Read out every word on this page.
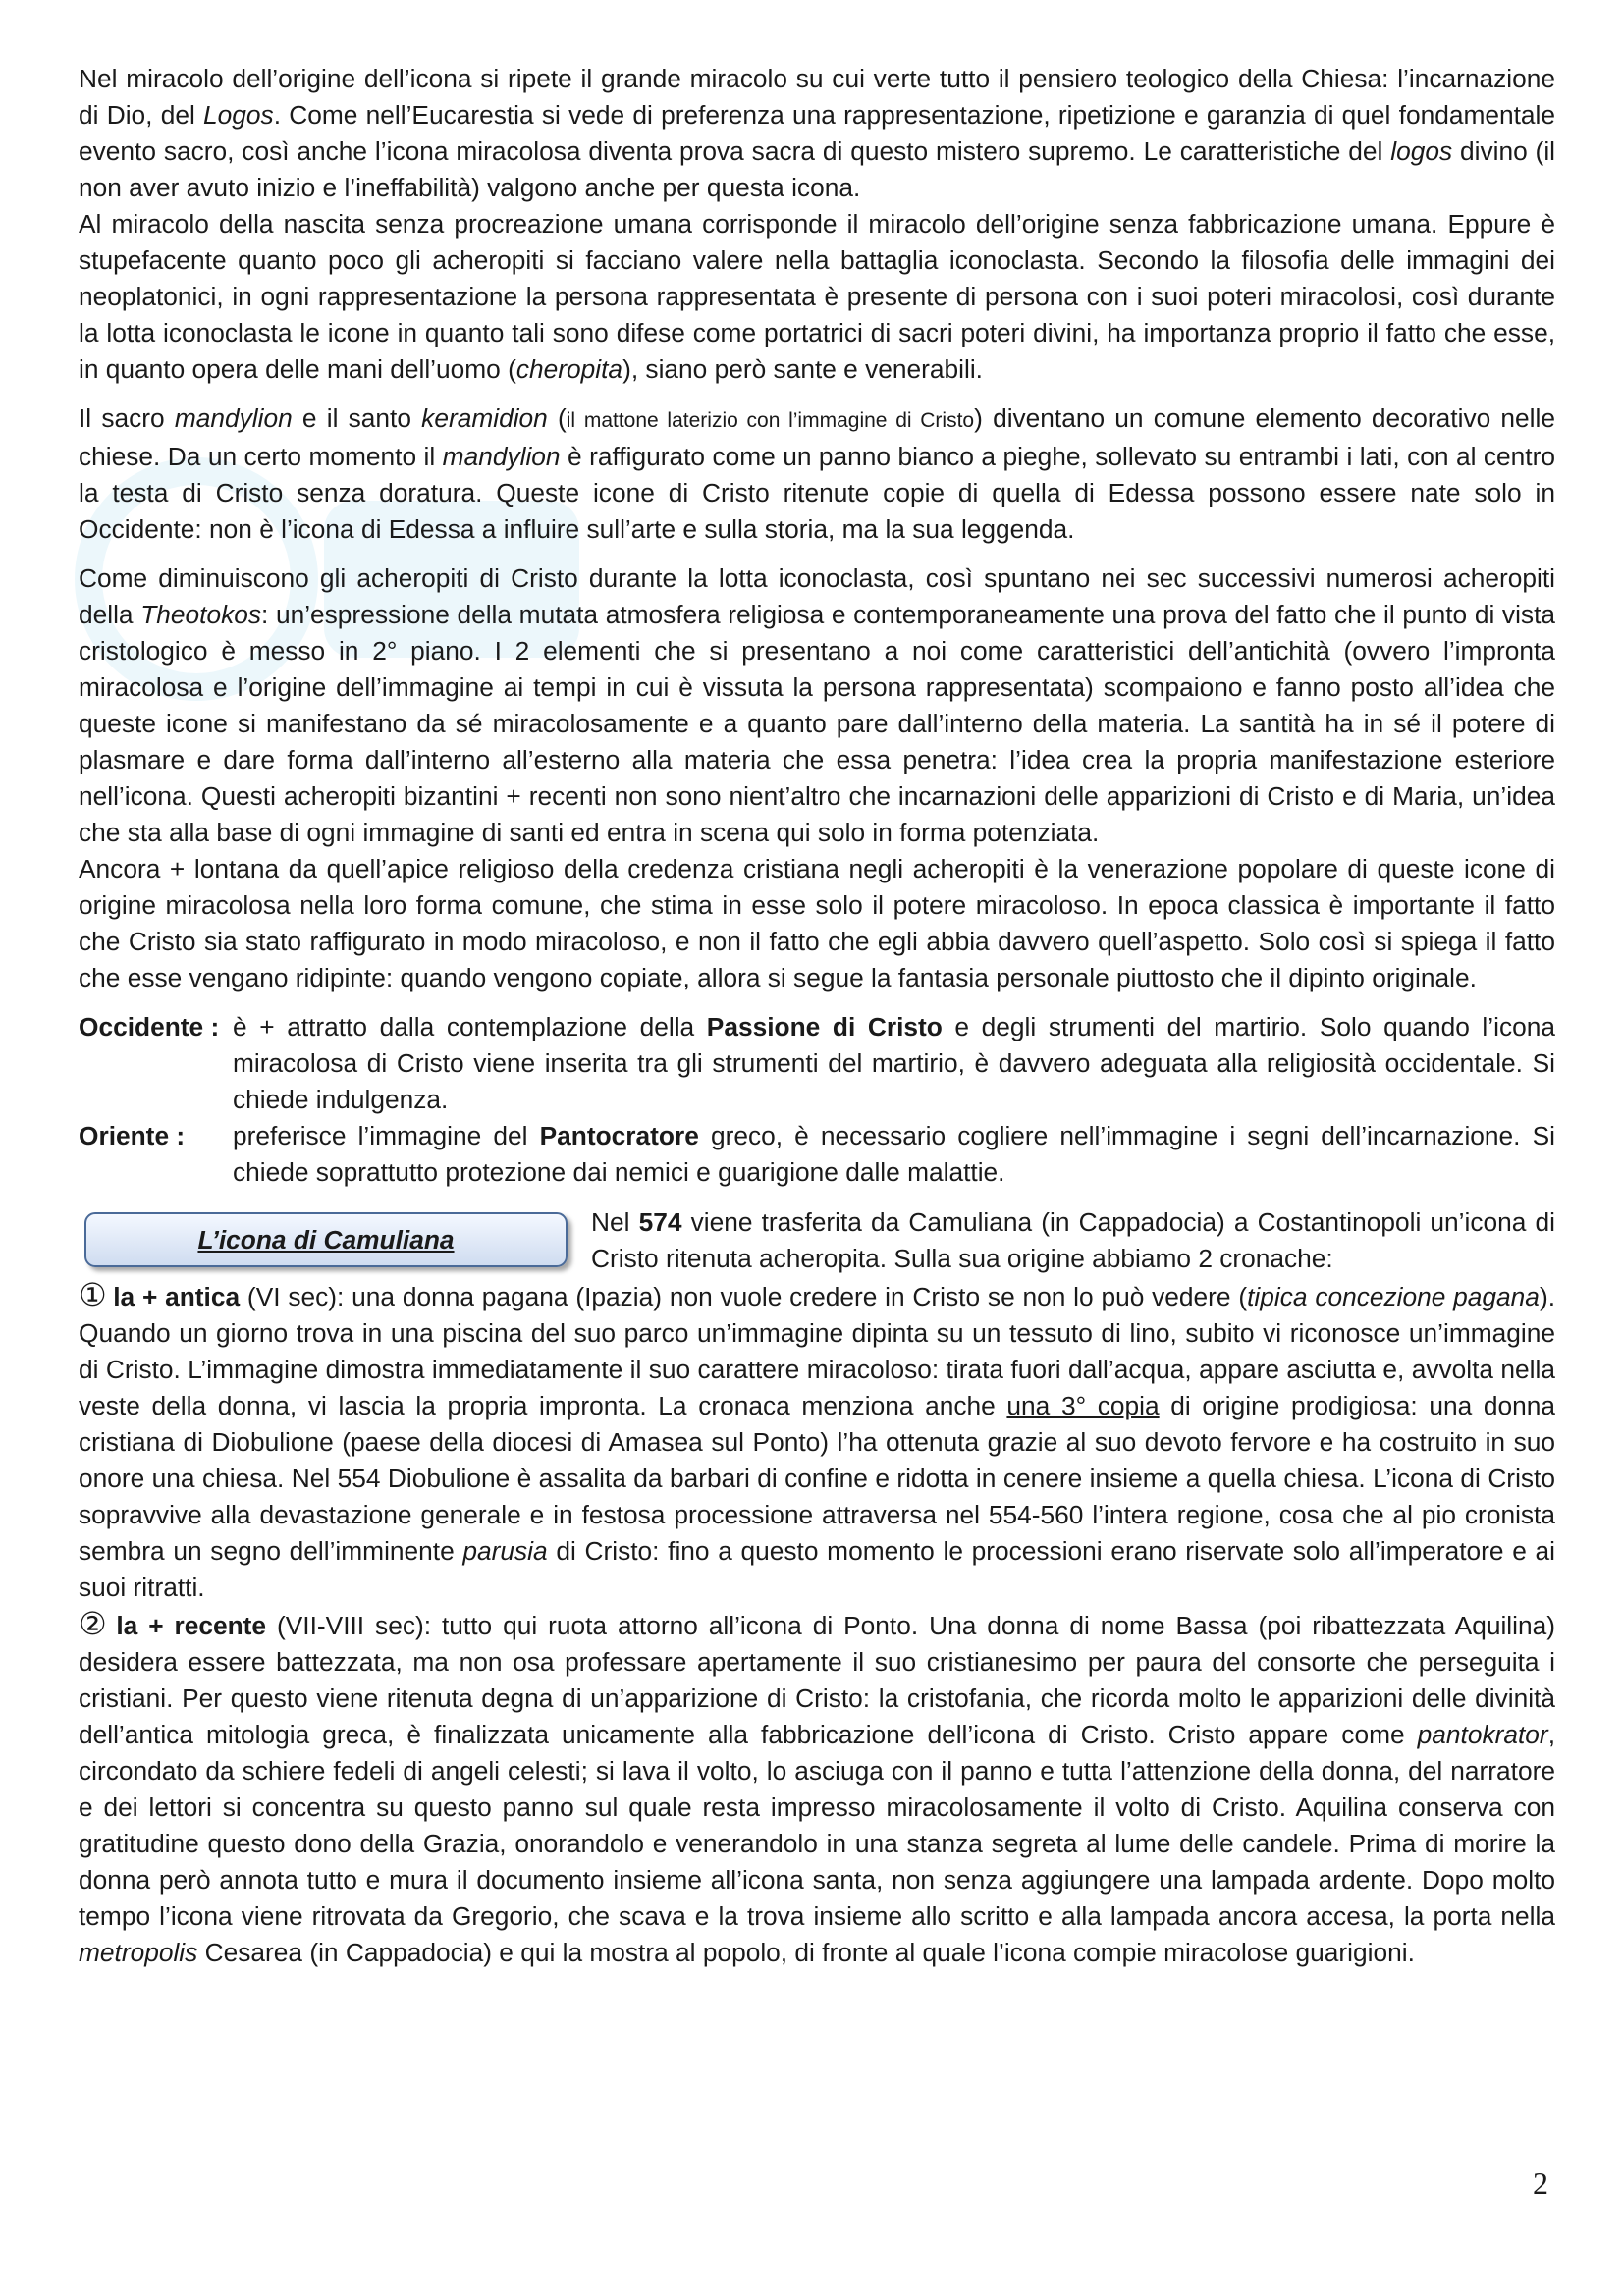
Nel miracolo dell’origine dell’icona si ripete il grande miracolo su cui verte tutto il pensiero teologico della Chiesa: l’incarnazione di Dio, del Logos. Come nell’Eucarestia si vede di preferenza una rappresentazione, ripetizione e garanzia di quel fondamentale evento sacro, così anche l’icona miracolosa diventa prova sacra di questo mistero supremo. Le caratteristiche del logos divino (il non aver avuto inizio e l’ineffabilità) valgono anche per questa icona.

Al miracolo della nascita senza procreazione umana corrisponde il miracolo dell’origine senza fabbricazione umana. Eppure è stupefacente quanto poco gli acheropiti si facciano valere nella battaglia iconoclasta. Secondo la filosofia delle immagini dei neoplatonici, in ogni rappresentazione la persona rappresentata è presente di persona con i suoi poteri miracolosi, così durante la lotta iconoclasta le icone in quanto tali sono difese come portatrici di sacri poteri divini, ha importanza proprio il fatto che esse, in quanto opera delle mani dell’uomo (cheropita), siano però sante e venerabili.

Il sacro mandylion e il santo keramidion (il mattone laterizio con l’immagine di Cristo) diventano un comune elemento decorativo nelle chiese. Da un certo momento il mandylion è raffigurato come un panno bianco a pieghe, sollevato su entrambi i lati, con al centro la testa di Cristo senza doratura. Queste icone di Cristo ritenute copie di quella di Edessa possono essere nate solo in Occidente: non è l’icona di Edessa a influire sull’arte e sulla storia, ma la sua leggenda.

Come diminuiscono gli acheropiti di Cristo durante la lotta iconoclasta, così spuntano nei sec successivi numerosi acheropiti della Theotokos: un’espressione della mutata atmosfera religiosa e contemporaneamente una prova del fatto che il punto di vista cristologico è messo in 2° piano. I 2 elementi che si presentano a noi come caratteristici dell’antichità (ovvero l’impronta miracolosa e l’origine dell’immagine ai tempi in cui è vissuta la persona rappresentata) scompaiono e fanno posto all’idea che queste icone si manifestano da sé miracolosamente e a quanto pare dall’interno della materia. La santità ha in sé il potere di plasmare e dare forma dall’interno all’esterno alla materia che essa penetra: l’idea crea la propria manifestazione esteriore nell’icona. Questi acheropiti bizantini + recenti non sono nient’altro che incarnazioni delle apparizioni di Cristo e di Maria, un’idea che sta alla base di ogni immagine di santi ed entra in scena qui solo in forma potenziata.

Ancora + lontana da quell’apice religioso della credenza cristiana negli acheropiti è la venerazione popolare di queste icone di origine miracolosa nella loro forma comune, che stima in esse solo il potere miracoloso. In epoca classica è importante il fatto che Cristo sia stato raffigurato in modo miracoloso, e non il fatto che egli abbia davvero quell’aspetto. Solo così si spiega il fatto che esse vengano ridipinte: quando vengono copiate, allora si segue la fantasia personale piuttosto che il dipinto originale.

Occidente : è + attratto dalla contemplazione della Passione di Cristo e degli strumenti del martirio. Solo quando l’icona miracolosa di Cristo viene inserita tra gli strumenti del martirio, è davvero adeguata alla religiosità occidentale. Si chiede indulgenza.
Oriente :	preferisce l’immagine del Pantocratore greco, è necessario cogliere nell’immagine i segni dell’incarnazione. Si chiede soprattutto protezione dai nemici e guarigione dalle malattie.
L’icona di Camuliana

Nel 574 viene trasferita da Camuliana (in Cappadocia) a Costantinopoli un’icona di Cristo ritenuta acheropita. Sulla sua origine abbiamo 2 cronache:

① la + antica (VI sec): una donna pagana (Ipazia) non vuole credere in Cristo se non lo può vedere (tipica concezione pagana). Quando un giorno trova in una piscina del suo parco un’immagine dipinta su un tessuto di lino, subito vi riconosce un’immagine di Cristo. L’immagine dimostra immediatamente il suo carattere miracoloso: tirata fuori dall’acqua, appare asciutta e, avvolta nella veste della donna, vi lascia la propria impronta. La cronaca menziona anche una 3° copia di origine prodigiosa: una donna cristiana di Diobulione (paese della diocesi di Amasea sul Ponto) l’ha ottenuta grazie al suo devoto fervore e ha costruito in suo onore una chiesa. Nel 554 Diobulione è assalita da barbari di confine e ridotta in cenere insieme a quella chiesa. L’icona di Cristo sopravvive alla devastazione generale e in festosa processione attraversa nel 554-560 l’intera regione, cosa che al pio cronista sembra un segno dell’imminente parusia di Cristo: fino a questo momento le processioni erano riservate solo all’imperatore e ai suoi ritratti.

② la + recente (VII-VIII sec): tutto qui ruota attorno all’icona di Ponto. Una donna di nome Bassa (poi ribattezzata Aquilina) desidera essere battezzata, ma non osa professare apertamente il suo cristianesimo per paura del consorte che perseguita i cristiani. Per questo viene ritenuta degna di un’apparizione di Cristo: la cristofania, che ricorda molto le apparizioni delle divinità dell’antica mitologia greca, è finalizzata unicamente alla fabbricazione dell’icona di Cristo. Cristo appare come pantokrator, circondato da schiere fedeli di angeli celesti; si lava il volto, lo asciuga con il panno e tutta l’attenzione della donna, del narratore e dei lettori si concentra su questo panno sul quale resta impresso miracolosamente il volto di Cristo. Aquilina conserva con gratitudine questo dono della Grazia, onorandolo e venerandolo in una stanza segreta al lume delle candele. Prima di morire la donna però annota tutto e mura il documento insieme all’icona santa, non senza aggiungere una lampada ardente. Dopo molto tempo l’icona viene ritrovata da Gregorio, che scava e la trova insieme allo scritto e alla lampada ancora accesa, la porta nella metropolis Cesarea (in Cappadocia) e qui la mostra al popolo, di fronte al quale l’icona compie miracolose guarigioni.

2
